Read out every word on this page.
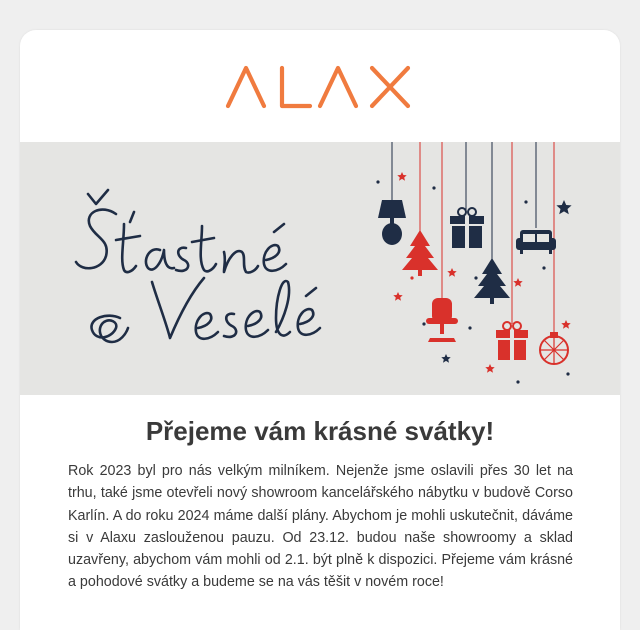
Přejeme vám krásné svátky!

Rok 2023 byl pro nás velkým milníkem. Nejenže jsme oslavili přes 30 let na trhu, také jsme otevřeli nový showroom kancelářského nábytku v budově Corso Karlín. A do roku 2024 máme další plány. Abychom je mohli uskutečnit, dáváme si v Alaxu zaslouženou pauzu. Od 23.12. budou naše showroomy a sklad uzavřeny, abychom vám mohli od 2.1. být plně k dispozici. Přejeme vám krásné a pohodové svátky a budeme se na vás těšit v novém roce!
